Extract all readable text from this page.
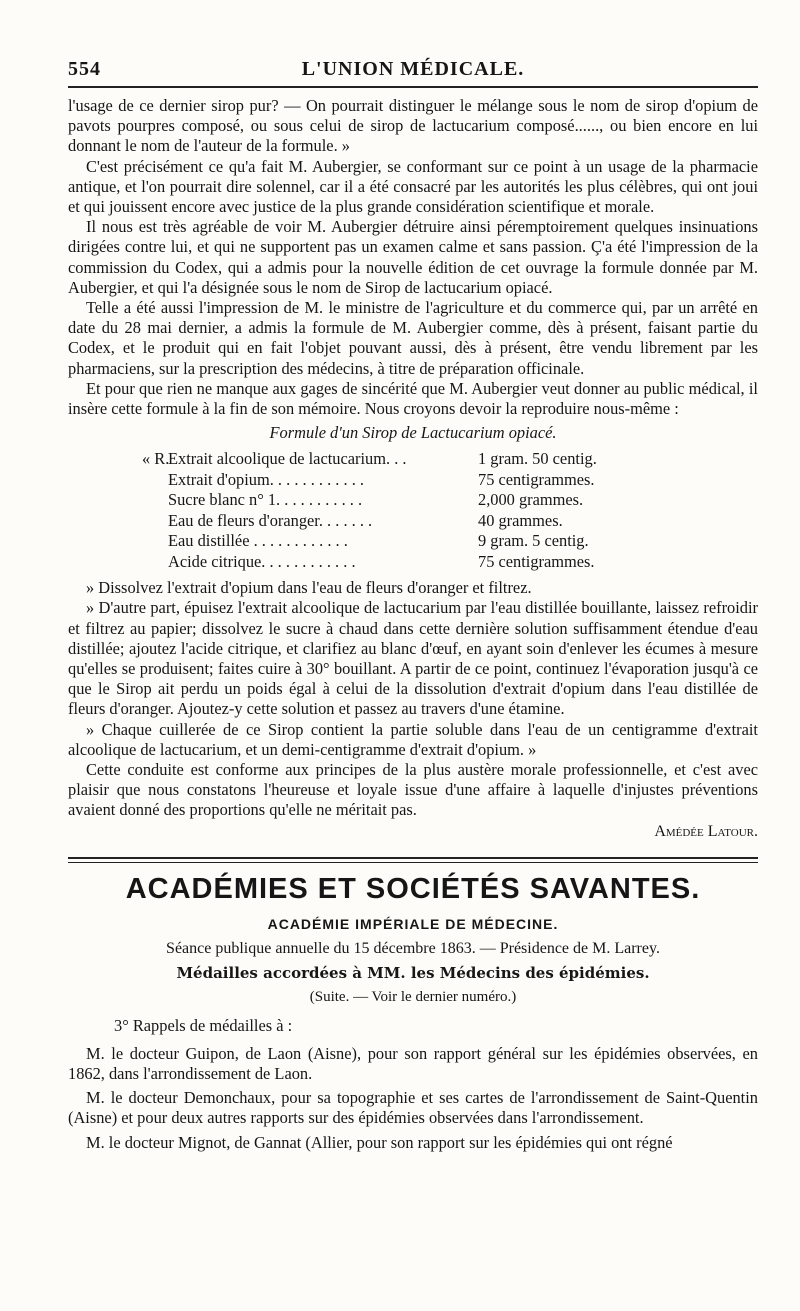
554	L'UNION MÉDICALE.

l'usage de ce dernier sirop pur? — On pourrait distinguer le mélange sous le nom de sirop d'opium de pavots pourpres composé, ou sous celui de sirop de lactucarium composé......, ou bien encore en lui donnant le nom de l'auteur de la formule. »

C'est précisément ce qu'a fait M. Aubergier, se conformant sur ce point à un usage de la pharmacie antique, et l'on pourrait dire solennel, car il a été consacré par les autorités les plus célèbres, qui ont joui et qui jouissent encore avec justice de la plus grande considération scientifique et morale.

Il nous est très agréable de voir M. Aubergier détruire ainsi péremptoirement quelques insinuations dirigées contre lui, et qui ne supportent pas un examen calme et sans passion. Ç'a été l'impression de la commission du Codex, qui a admis pour la nouvelle édition de cet ouvrage la formule donnée par M. Aubergier, et qui l'a désignée sous le nom de Sirop de lactucarium opiacé.

Telle a été aussi l'impression de M. le ministre de l'agriculture et du commerce qui, par un arrêté en date du 28 mai dernier, a admis la formule de M. Aubergier comme, dès à présent, faisant partie du Codex, et le produit qui en fait l'objet pouvant aussi, dès à présent, être vendu librement par les pharmaciens, sur la prescription des médecins, à titre de préparation officinale.

Et pour que rien ne manque aux gages de sincérité que M. Aubergier veut donner au public médical, il insère cette formule à la fin de son mémoire. Nous croyons devoir la reproduire nous-même :

Formule d'un Sirop de Lactucarium opiacé.
« R.
Extrait alcoolique de lactucarium. . .	1 gram. 50 centig.
Extrait d'opium. . . . . . . . . . . .	75 centigrammes.
Sucre blanc n° 1. . . . . . . . . . .	2,000 grammes.
Eau de fleurs d'oranger. . . . . . .	40 grammes.
Eau distillée . . . . . . . . . . . .	9 gram. 5 centig.
Acide citrique. . . . . . . . . . . .	75 centigrammes.

» Dissolvez l'extrait d'opium dans l'eau de fleurs d'oranger et filtrez.

» D'autre part, épuisez l'extrait alcoolique de lactucarium par l'eau distillée bouillante, laissez refroidir et filtrez au papier; dissolvez le sucre à chaud dans cette dernière solution suffisamment étendue d'eau distillée; ajoutez l'acide citrique, et clarifiez au blanc d'œuf, en ayant soin d'enlever les écumes à mesure qu'elles se produisent; faites cuire à 30° bouillant. A partir de ce point, continuez l'évaporation jusqu'à ce que le Sirop ait perdu un poids égal à celui de la dissolution d'extrait d'opium dans l'eau distillée de fleurs d'oranger. Ajoutez-y cette solution et passez au travers d'une étamine.

» Chaque cuillerée de ce Sirop contient la partie soluble dans l'eau de un centigramme d'extrait alcoolique de lactucarium, et un demi-centigramme d'extrait d'opium. »

Cette conduite est conforme aux principes de la plus austère morale professionnelle, et c'est avec plaisir que nous constatons l'heureuse et loyale issue d'une affaire à laquelle d'injustes préventions avaient donné des proportions qu'elle ne méritait pas.

Amédée Latour.
ACADÉMIES ET SOCIÉTÉS SAVANTES.
ACADÉMIE IMPÉRIALE DE MÉDECINE.
Séance publique annuelle du 15 décembre 1863. — Présidence de M. Larrey.
Médailles accordées à MM. les Médecins des épidémies.
(Suite. — Voir le dernier numéro.)
3° Rappels de médailles à :

M. le docteur Guipon, de Laon (Aisne), pour son rapport général sur les épidémies observées, en 1862, dans l'arrondissement de Laon.

M. le docteur Demonchaux, pour sa topographie et ses cartes de l'arrondissement de Saint-Quentin (Aisne) et pour deux autres rapports sur des épidémies observées dans l'arrondissement.

M. le docteur Mignot, de Gannat (Allier, pour son rapport sur les épidémies qui ont régné
